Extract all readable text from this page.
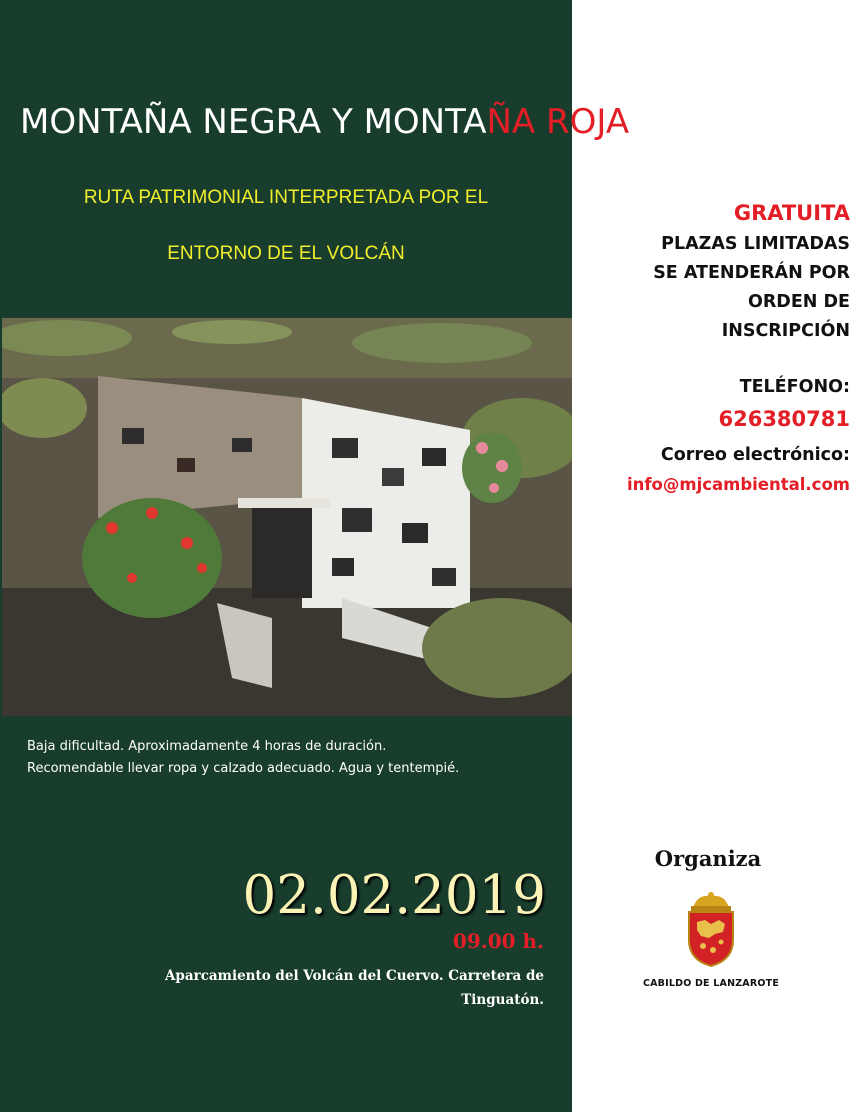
MONTAÑA NEGRA Y MONTAÑA ROJA
RUTA PATRIMONIAL INTERPRETADA POR EL
ENTORNO DE EL VOLCÁN
Baja dificultad. Aproximadamente 4 horas de duración.
Recomendable llevar ropa y calzado adecuado. Agua y tentempié.
02.02.2019
09.00 h.
Aparcamiento del Volcán del Cuervo. Carretera de
Tinguatón.
GRATUITA
PLAZAS LIMITADAS
SE ATENDERÁN POR
ORDEN DE
INSCRIPCIÓN
TELÉFONO:
626380781
Correo electrónico:
info@mjcambiental.com
Organiza
CABILDO DE LANZAROTE
